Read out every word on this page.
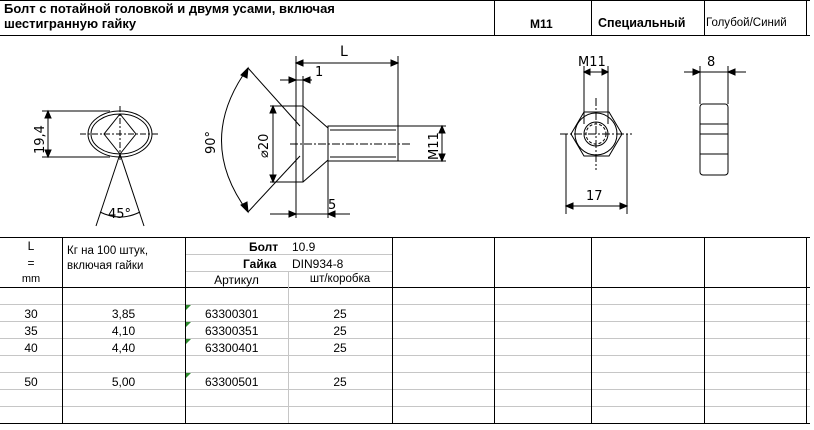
Болт с потайной головкой и двумя усами, включая шестигранную гайку	M11	Специальный Голубой/Синий
19,4
45°
90°	⌀20
L
1
5
M11
M11
17
8
L
=
mm
Кг на 100 штук, включая гайки
Болт 10.9
Гайка DIN934-8
Артикул	шт/коробка
30	3,85	63300301	25
35	4,10	63300351	25
40	4,40	63300401	25
50	5,00	63300501	25
